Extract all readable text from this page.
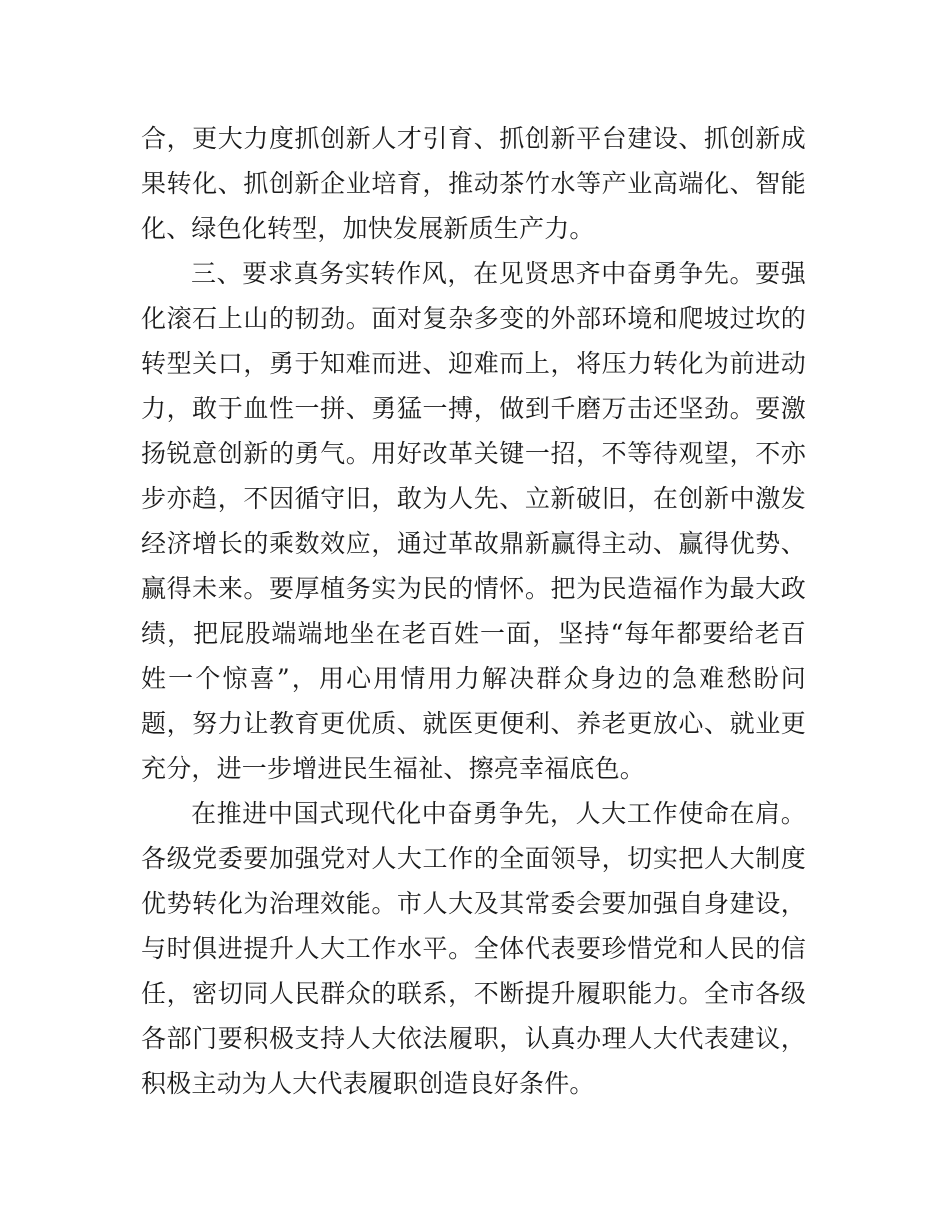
合，更大力度抓创新人才引育、抓创新平台建设、抓创新成果转化、抓创新企业培育，推动茶竹水等产业高端化、智能化、绿色化转型，加快发展新质生产力。

三、要求真务实转作风，在见贤思齐中奋勇争先。要强化滚石上山的韧劲。面对复杂多变的外部环境和爬坡过坎的转型关口，勇于知难而进、迎难而上，将压力转化为前进动力，敢于血性一拼、勇猛一搏，做到千磨万击还坚劲。要激扬锐意创新的勇气。用好改革关键一招，不等待观望，不亦步亦趋，不因循守旧，敢为人先、立新破旧，在创新中激发经济增长的乘数效应，通过革故鼎新赢得主动、赢得优势、赢得未来。要厚植务实为民的情怀。把为民造福作为最大政绩，把屁股端端地坐在老百姓一面，坚持“每年都要给老百姓一个惊喜”，用心用情用力解决群众身边的急难愁盼问题，努力让教育更优质、就医更便利、养老更放心、就业更充分，进一步增进民生福祉、擦亮幸福底色。

在推进中国式现代化中奋勇争先，人大工作使命在肩。各级党委要加强党对人大工作的全面领导，切实把人大制度优势转化为治理效能。市人大及其常委会要加强自身建设，与时俱进提升人大工作水平。全体代表要珍惜党和人民的信任，密切同人民群众的联系，不断提升履职能力。全市各级各部门要积极支持人大依法履职，认真办理人大代表建议，积极主动为人大代表履职创造良好条件。
